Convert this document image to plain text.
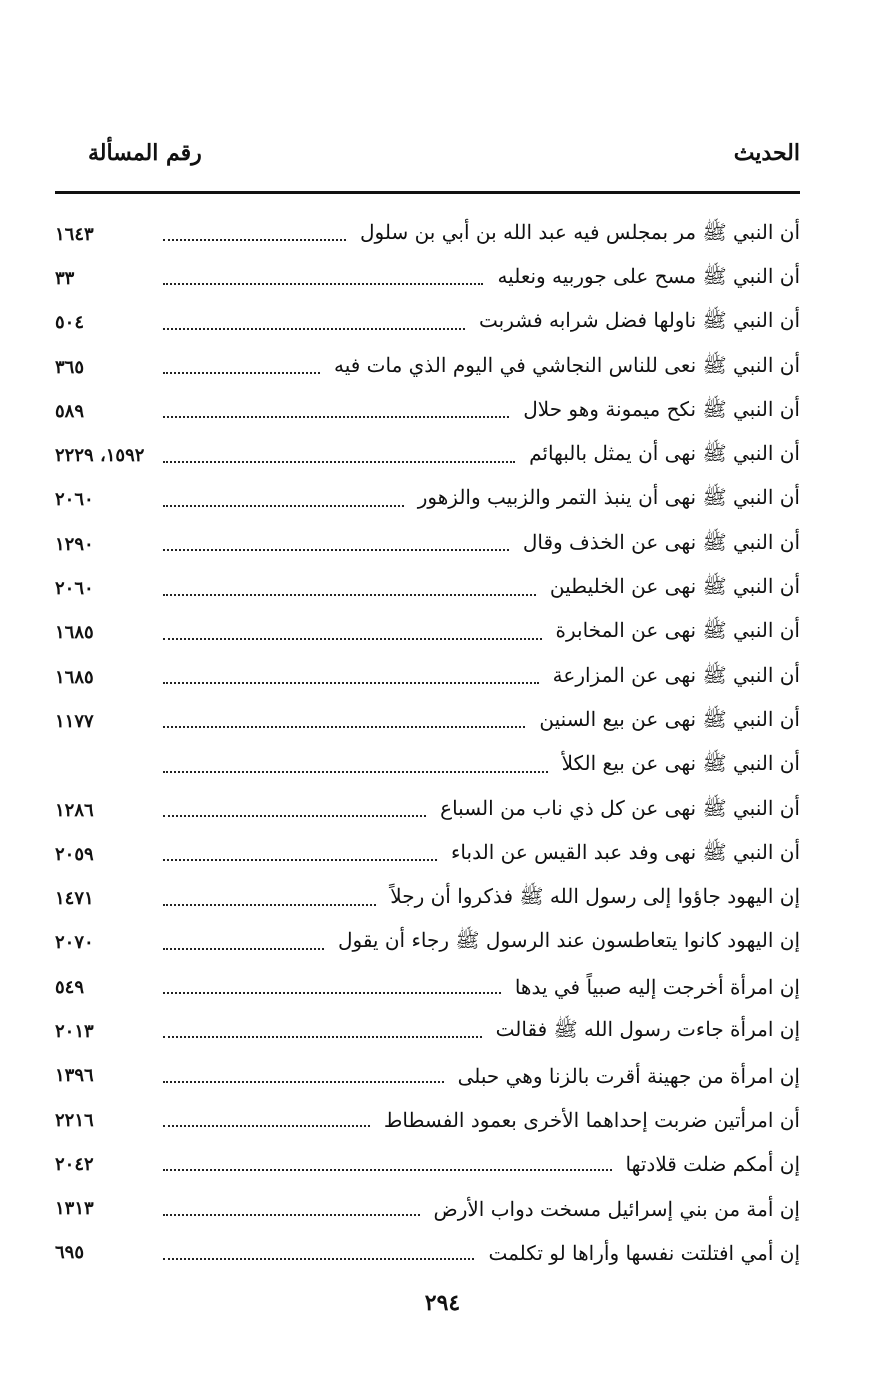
الحديث
رقم المسألة
أن النبي ﷺ مر بمجلس فيه عبد الله بن أبي بن سلول
١٦٤٣
أن النبي ﷺ مسح على جوربيه ونعليه
٣٣
أن النبي ﷺ ناولها فضل شرابه فشربت
٥٠٤
أن النبي ﷺ نعى للناس النجاشي في اليوم الذي مات فيه
٣٦٥
أن النبي ﷺ نكح ميمونة وهو حلال
٥٨٩
أن النبي ﷺ نهى أن يمثل بالبهائم
١٥٩٢، ٢٢٢٩
أن النبي ﷺ نهى أن ينبذ التمر والزبيب والزهور
٢٠٦٠
أن النبي ﷺ نهى عن الخذف وقال
١٢٩٠
أن النبي ﷺ نهى عن الخليطين
٢٠٦٠
أن النبي ﷺ نهى عن المخابرة
١٦٨٥
أن النبي ﷺ نهى عن المزارعة
١٦٨٥
أن النبي ﷺ نهى عن بيع السنين
١١٧٧
أن النبي ﷺ نهى عن بيع الكلأ
أن النبي ﷺ نهى عن كل ذي ناب من السباع
١٢٨٦
أن النبي ﷺ نهى وفد عبد القيس عن الدباء
٢٠٥٩
إن اليهود جاؤوا إلى رسول الله ﷺ فذكروا أن رجلاً
١٤٧١
إن اليهود كانوا يتعاطسون عند الرسول ﷺ رجاء أن يقول
٢٠٧٠
إن امرأة أخرجت إليه صبياً في يدها
٥٤٩
إن امرأة جاءت رسول الله ﷺ فقالت
٢٠١٣
إن امرأة من جهينة أقرت بالزنا وهي حبلى
١٣٩٦
أن امرأتين ضربت إحداهما الأخرى بعمود الفسطاط
٢٢١٦
إن أمكم ضلت قلادتها
٢٠٤٢
إن أمة من بني إسرائيل مسخت دواب الأرض
١٣١٣
إن أمي افتلتت نفسها وأراها لو تكلمت
٦٩٥
٢٩٤
